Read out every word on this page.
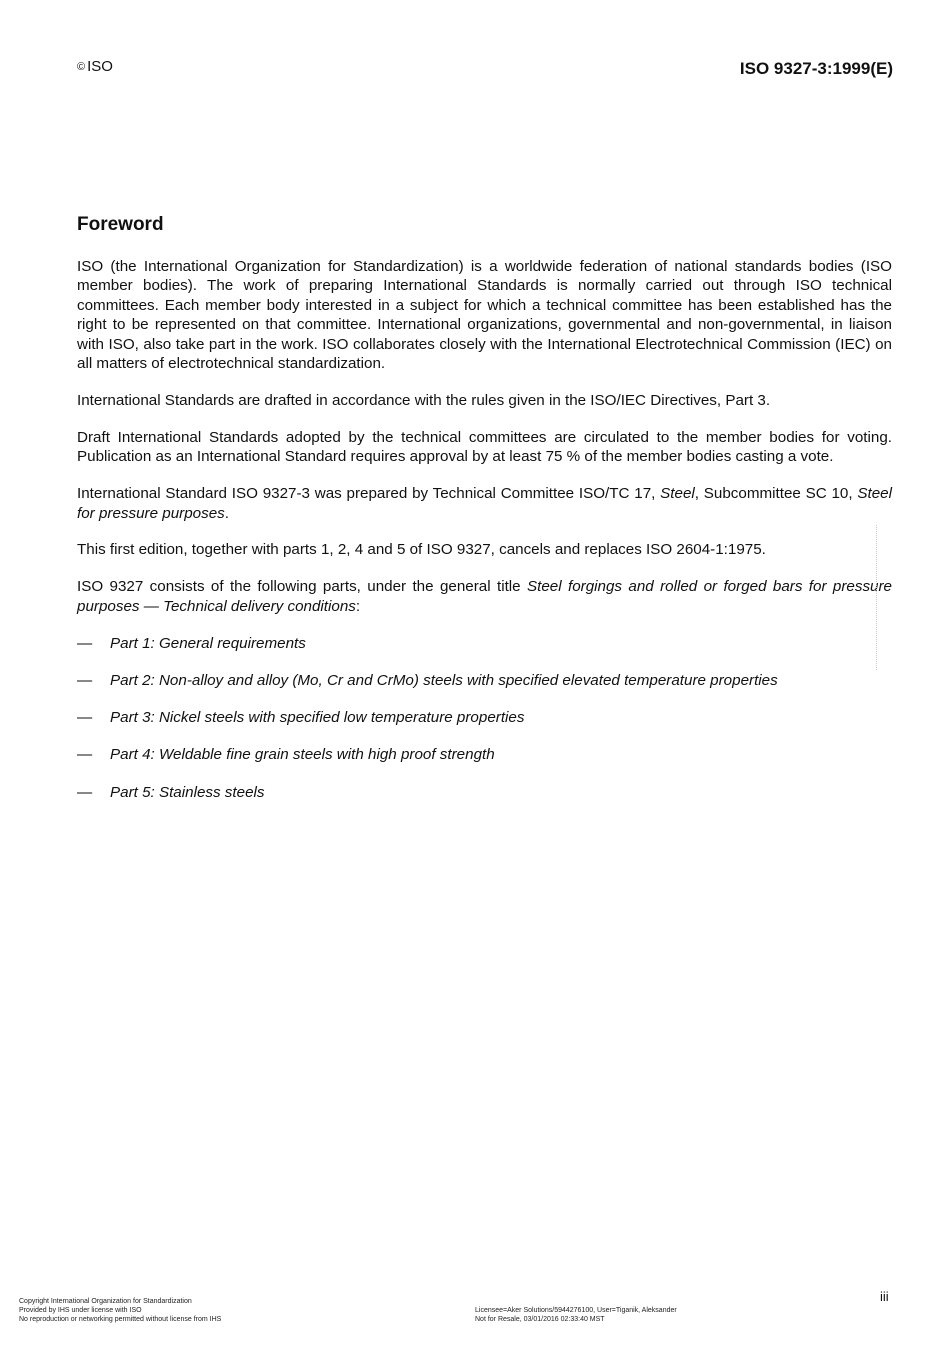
© ISO	ISO 9327-3:1999(E)
Foreword

ISO (the International Organization for Standardization) is a worldwide federation of national standards bodies (ISO member bodies). The work of preparing International Standards is normally carried out through ISO technical committees. Each member body interested in a subject for which a technical committee has been established has the right to be represented on that committee. International organizations, governmental and non-governmental, in liaison with ISO, also take part in the work. ISO collaborates closely with the International Electrotechnical Commission (IEC) on all matters of electrotechnical standardization.

International Standards are drafted in accordance with the rules given in the ISO/IEC Directives, Part 3.

Draft International Standards adopted by the technical committees are circulated to the member bodies for voting. Publication as an International Standard requires approval by at least 75 % of the member bodies casting a vote.

International Standard ISO 9327-3 was prepared by Technical Committee ISO/TC 17, Steel, Subcommittee SC 10, Steel for pressure purposes.

This first edition, together with parts 1, 2, 4 and 5 of ISO 9327, cancels and replaces ISO 2604-1:1975.

ISO 9327 consists of the following parts, under the general title Steel forgings and rolled or forged bars for pressure purposes — Technical delivery conditions:

— Part 1: General requirements
— Part 2: Non-alloy and alloy (Mo, Cr and CrMo) steels with specified elevated temperature properties
— Part 3: Nickel steels with specified low temperature properties
— Part 4: Weldable fine grain steels with high proof strength
— Part 5: Stainless steels
iii
Copyright International Organization for Standardization
Provided by IHS under license with ISO
No reproduction or networking permitted without license from IHS
Licensee=Aker Solutions/5944276100, User=Tiganik, Aleksander
Not for Resale, 03/01/2016 02:33:40 MST
